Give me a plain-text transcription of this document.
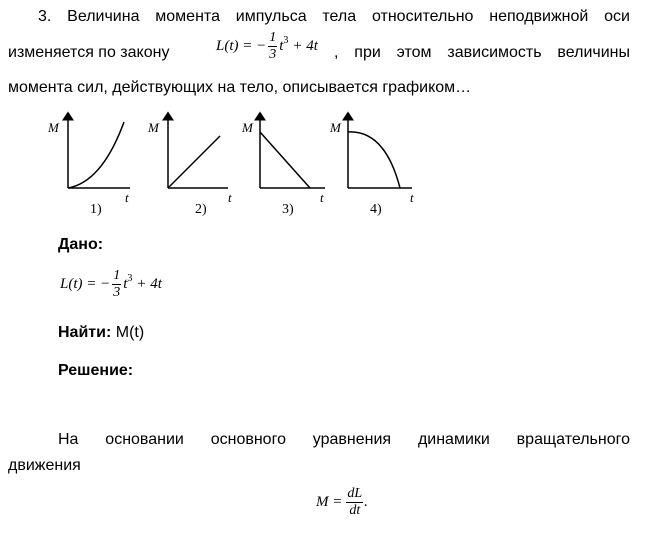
3. Величина момента импульса тела относительно неподвижной оси
изменяется по закону	L(t) = − $\frac{1}{3}$ t 3 + 4t , при этом зависимость величины
момента сил, действующих на тело, описывается графиком…
M
t
1)
M
t
2)
M
t
3)
M
t
4)
Дано:
L(t) = − $\frac{1}{3}$ t 3 + 4t
Найти: M(t)
Решение:
На основании основного уравнения динамики вращательного
движения
$M = \frac{dL}{dt}$ .
